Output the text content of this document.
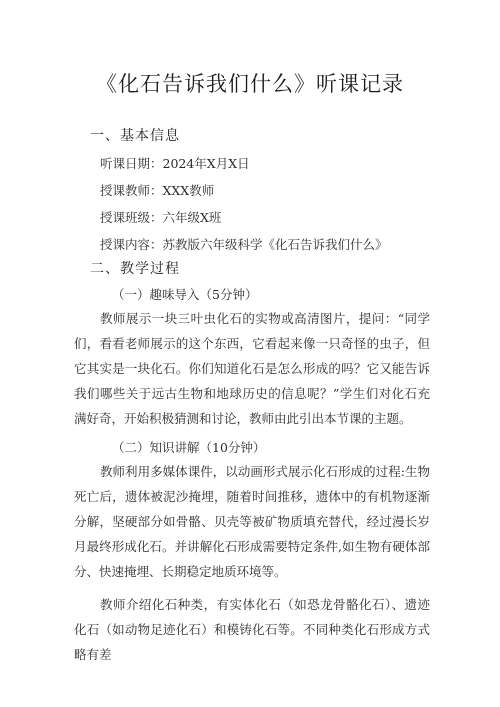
《化石告诉我们什么》听课记录
一、基本信息
听课日期：2024年X月X日
授课教师：XXX教师
授课班级：六年级X班
授课内容：苏教版六年级科学《化石告诉我们什么》
二、教学过程
（一）趣味导入（5分钟）
教师展示一块三叶虫化石的实物或高清图片，提问：“同学们，看看老师展示的这个东西，它看起来像一只奇怪的虫子，但它其实是一块化石。你们知道化石是怎么形成的吗？它又能告诉我们哪些关于远古生物和地球历史的信息呢？”学生们对化石充满好奇，开始积极猜测和讨论，教师由此引出本节课的主题。
（二）知识讲解（10分钟）
教师利用多媒体课件，以动画形式展示化石形成的过程:生物死亡后，遗体被泥沙掩埋，随着时间推移，遗体中的有机物逐渐分解，坚硬部分如骨骼、贝壳等被矿物质填充替代，经过漫长岁月最终形成化石。并讲解化石形成需要特定条件,如生物有硬体部分、快速掩埋、长期稳定地质环境等。
教师介绍化石种类，有实体化石（如恐龙骨骼化石）、遗迹化石（如动物足迹化石）和模铸化石等。不同种类化石形成方式略有差
